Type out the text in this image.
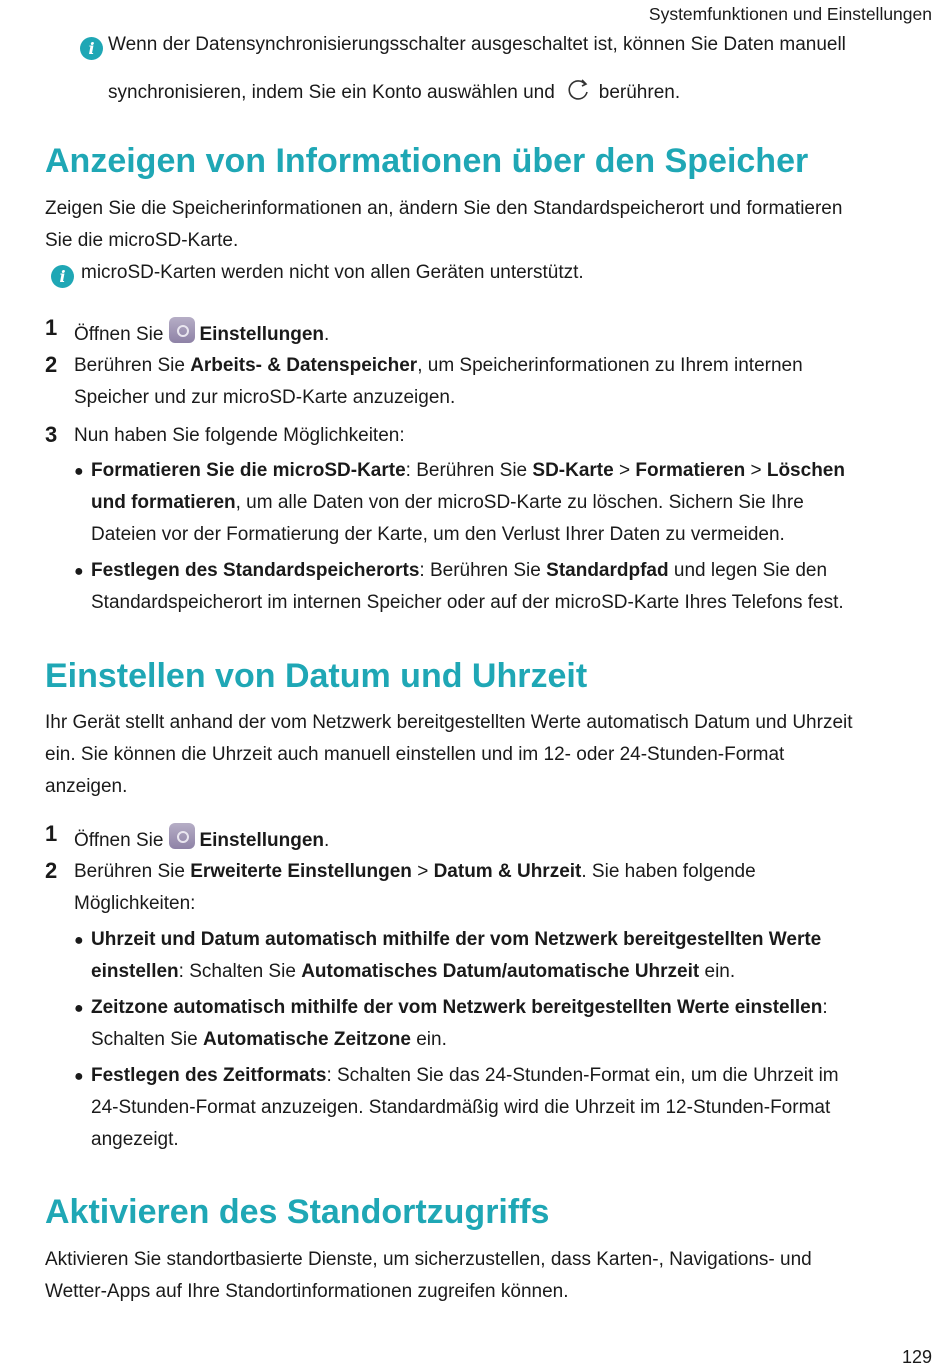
Systemfunktionen und Einstellungen
i Wenn der Datensynchronisierungsschalter ausgeschaltet ist, können Sie Daten manuell
synchronisieren, indem Sie ein Konto auswählen und berühren.
Anzeigen von Informationen über den Speicher
Zeigen Sie die Speicherinformationen an, ändern Sie den Standardspeicherort und formatieren
Sie die microSD-Karte.
i microSD-Karten werden nicht von allen Geräten unterstützt.
1 Öffnen Sie Einstellungen.
2 Berühren Sie Arbeits- & Datenspeicher, um Speicherinformationen zu Ihrem internen
Speicher und zur microSD-Karte anzuzeigen.
3 Nun haben Sie folgende Möglichkeiten:
● Formatieren Sie die microSD-Karte: Berühren Sie SD-Karte > Formatieren > Löschen
und formatieren, um alle Daten von der microSD-Karte zu löschen. Sichern Sie Ihre
Dateien vor der Formatierung der Karte, um den Verlust Ihrer Daten zu vermeiden.
● Festlegen des Standardspeicherorts: Berühren Sie Standardpfad und legen Sie den
Standardspeicherort im internen Speicher oder auf der microSD-Karte Ihres Telefons fest.
Einstellen von Datum und Uhrzeit
Ihr Gerät stellt anhand der vom Netzwerk bereitgestellten Werte automatisch Datum und Uhrzeit
ein. Sie können die Uhrzeit auch manuell einstellen und im 12- oder 24-Stunden-Format
anzeigen.
1 Öffnen Sie Einstellungen.
2 Berühren Sie Erweiterte Einstellungen > Datum & Uhrzeit. Sie haben folgende
Möglichkeiten:
● Uhrzeit und Datum automatisch mithilfe der vom Netzwerk bereitgestellten Werte
einstellen: Schalten Sie Automatisches Datum/automatische Uhrzeit ein.
● Zeitzone automatisch mithilfe der vom Netzwerk bereitgestellten Werte einstellen:
Schalten Sie Automatische Zeitzone ein.
● Festlegen des Zeitformats: Schalten Sie das 24-Stunden-Format ein, um die Uhrzeit im
24-Stunden-Format anzuzeigen. Standardmäßig wird die Uhrzeit im 12-Stunden-Format
angezeigt.
Aktivieren des Standortzugriffs
Aktivieren Sie standortbasierte Dienste, um sicherzustellen, dass Karten-, Navigations- und
Wetter-Apps auf Ihre Standortinformationen zugreifen können.
129
